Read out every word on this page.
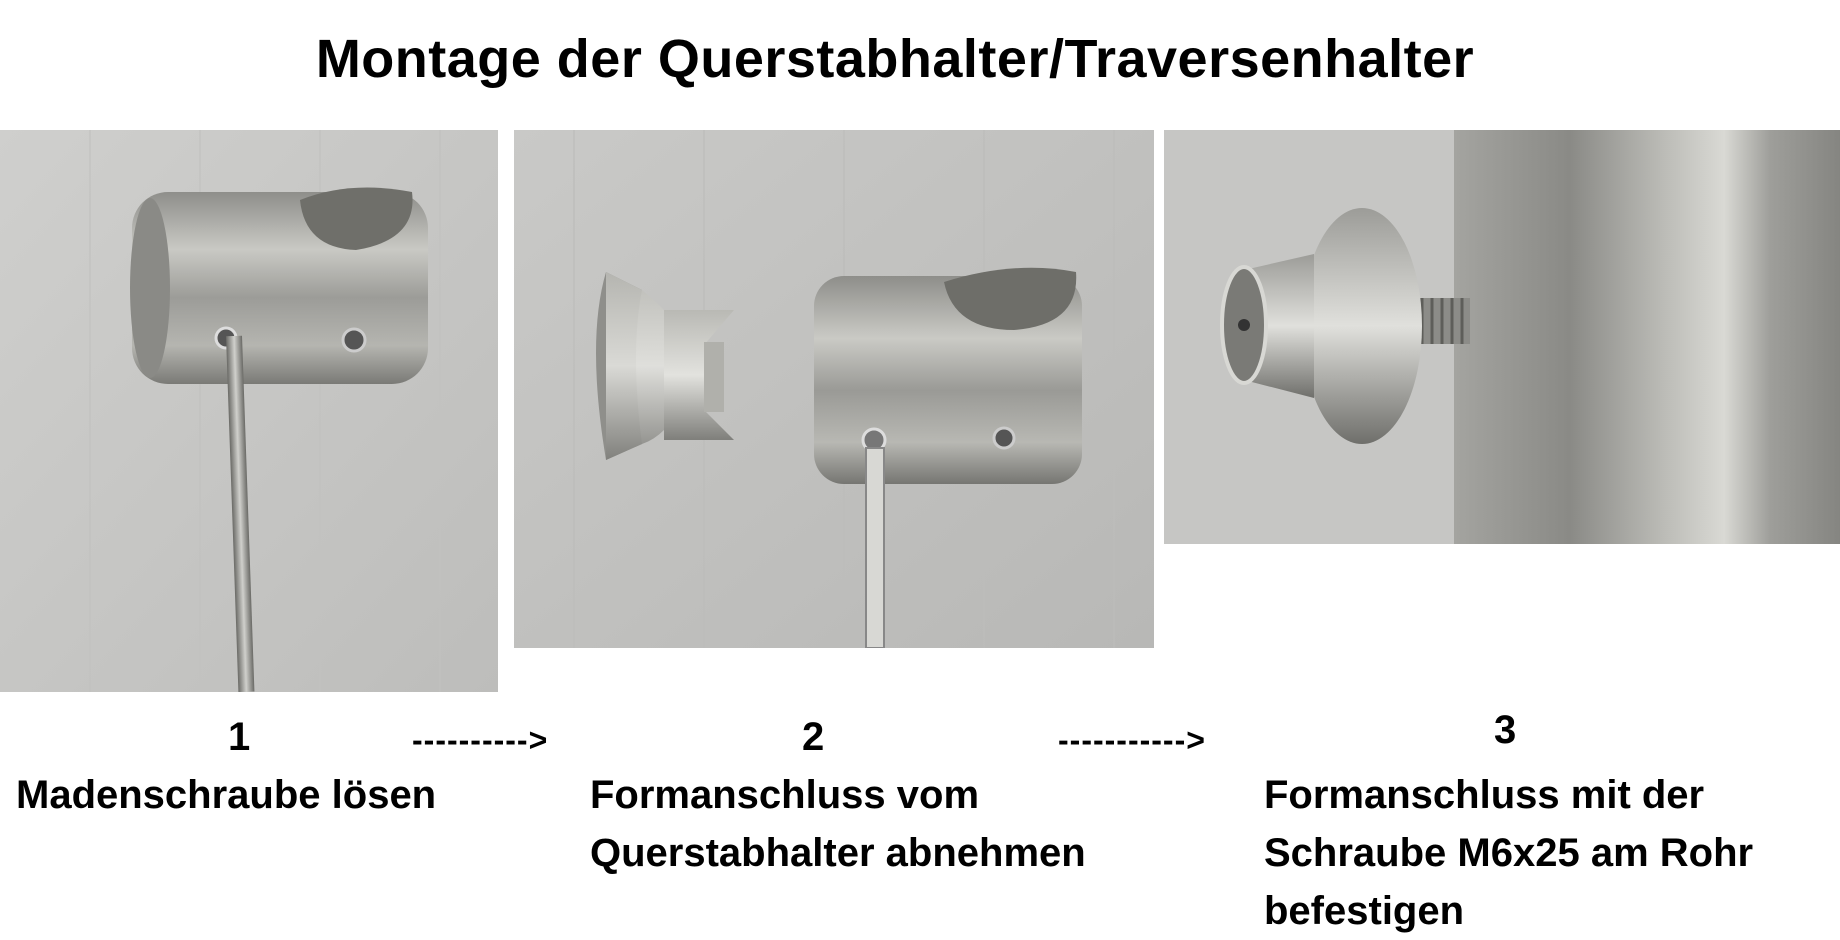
Montage der Querstabhalter/Traversenhalter
1	2	3
---------->	----------->
Madenschraube lösen	Formanschluss vom
Querstabhalter abnehmen
Formanschluss mit der
Schraube M6x25 am Rohr
befestigen
